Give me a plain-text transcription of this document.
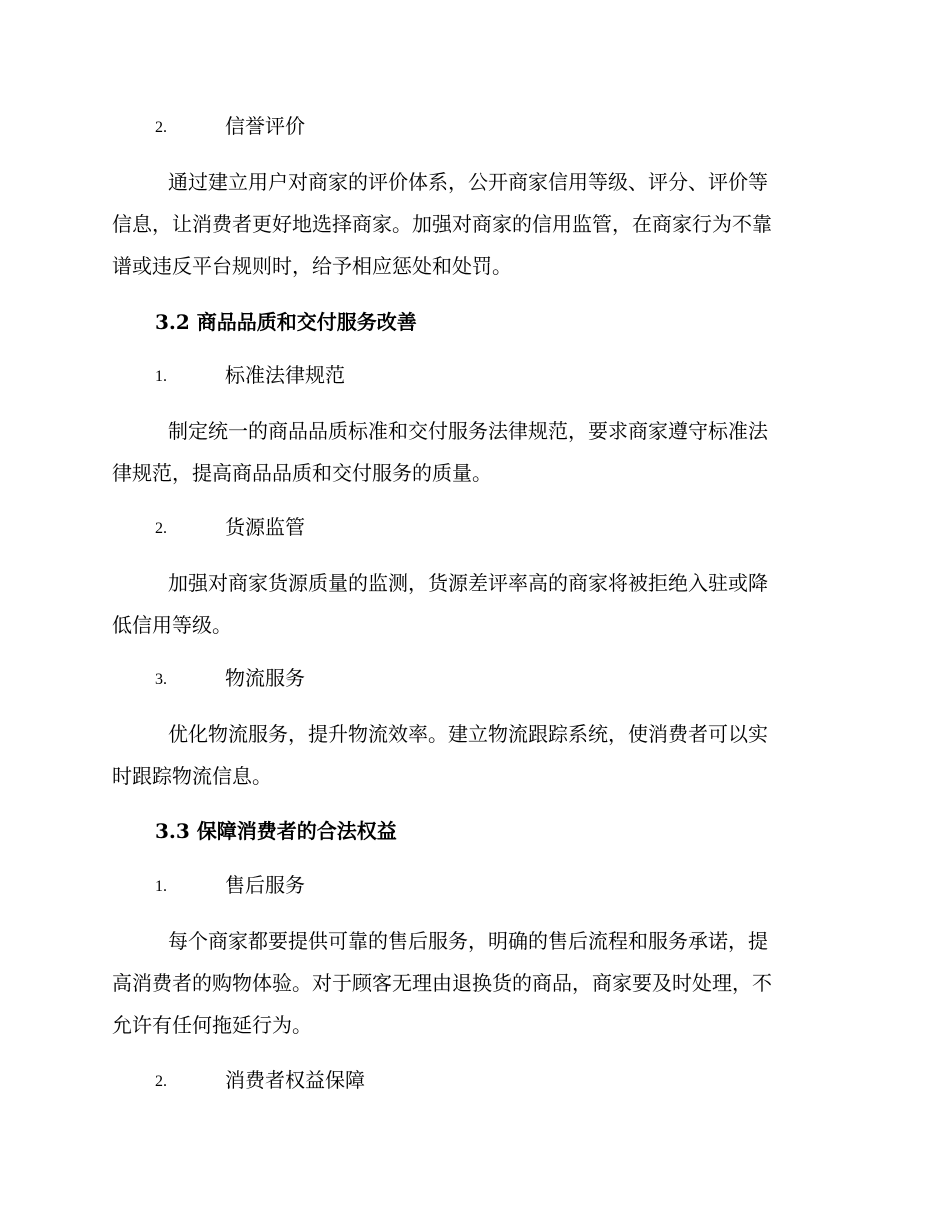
2.	信誉评价
通过建立用户对商家的评价体系，公开商家信用等级、评分、评价等
信息，让消费者更好地选择商家。加强对商家的信用监管，在商家行为不靠
谱或违反平台规则时，给予相应惩处和处罚。
3.2 商品品质和交付服务改善
1.	标准法律规范
制定统一的商品品质标准和交付服务法律规范，要求商家遵守标准法
律规范，提高商品品质和交付服务的质量。
2.	货源监管
加强对商家货源质量的监测，货源差评率高的商家将被拒绝入驻或降
低信用等级。
3.	物流服务
优化物流服务，提升物流效率。建立物流跟踪系统，使消费者可以实
时跟踪物流信息。
3.3 保障消费者的合法权益
1.	售后服务
每个商家都要提供可靠的售后服务，明确的售后流程和服务承诺，提
高消费者的购物体验。对于顾客无理由退换货的商品，商家要及时处理，不
允许有任何拖延行为。
2.	消费者权益保障
